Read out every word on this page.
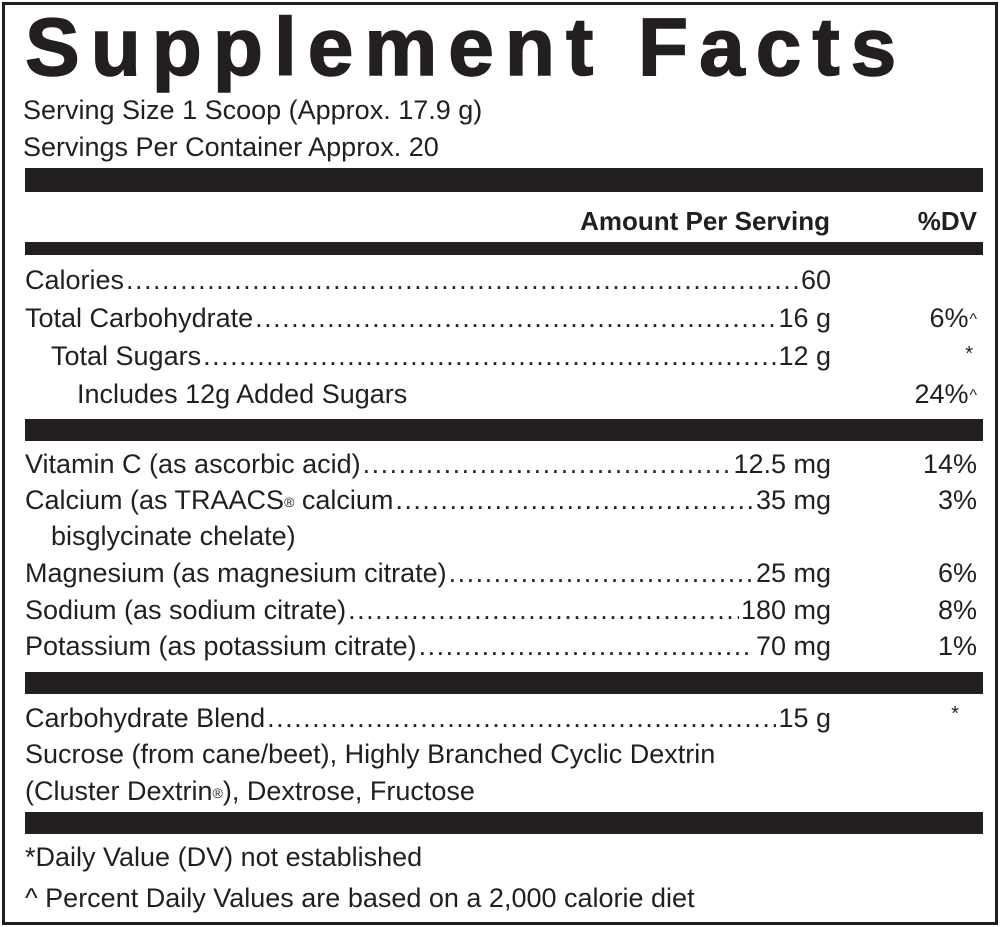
Supplement Facts
Serving Size 1 Scoop (Approx. 17.9 g)
Servings Per Container Approx. 20
Amount Per Serving	%DV
Calories . . .	60
Total Carbohydrate . . .	16 g	6%^
Total Sugars . . .	12 g	*
Includes 12g Added Sugars	24%^
Vitamin C (as ascorbic acid) . . .	12.5 mg	14%
Calcium (as TRAACS® calcium . . .	35 mg	3%
bisglycinate chelate)
Magnesium (as magnesium citrate) . . .	25 mg	6%
Sodium (as sodium citrate) . . .	180 mg	8%
Potassium (as potassium citrate) . . .	70 mg	1%
Carbohydrate Blend . . .	15 g	*
Sucrose (from cane/beet), Highly Branched Cyclic Dextrin
(Cluster Dextrin®), Dextrose, Fructose
*Daily Value (DV) not established
^ Percent Daily Values are based on a 2,000 calorie diet
